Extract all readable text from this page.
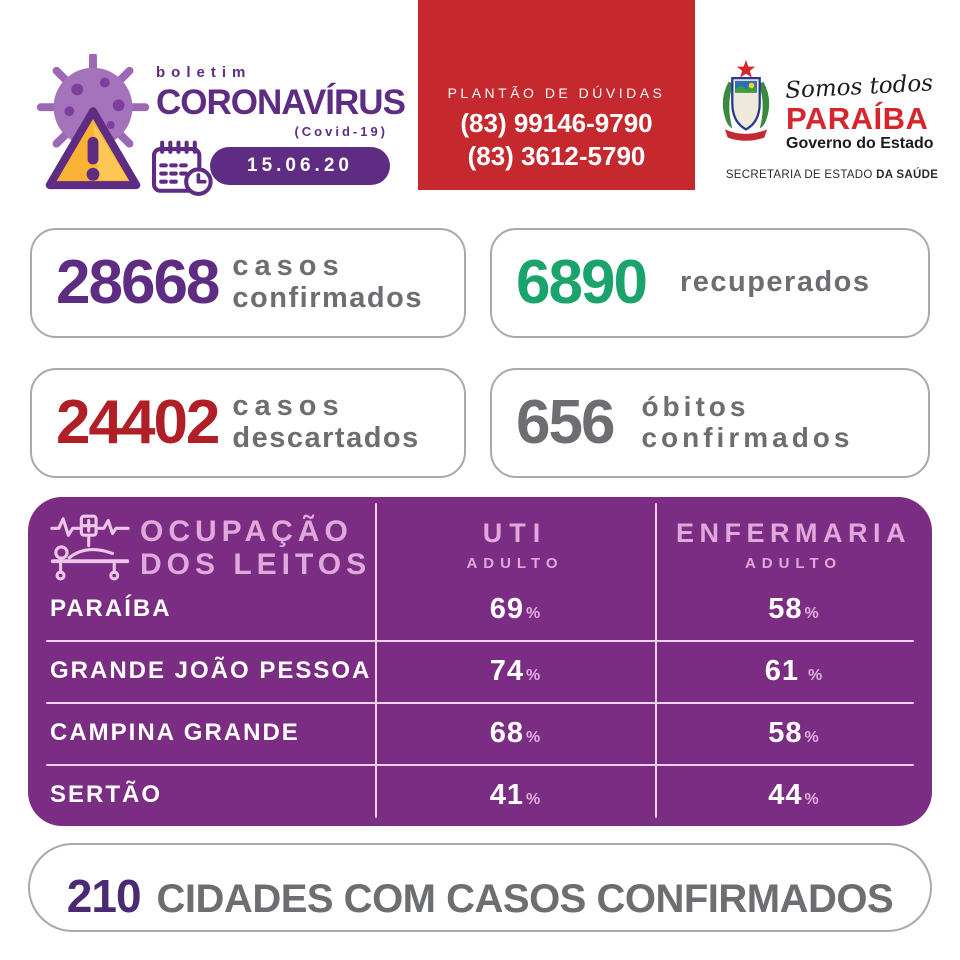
boletim
CORONAVÍRUS
(Covid-19)
15.06.20
PLANTÃO DE DÚVIDAS
(83) 99146-9790
(83) 3612-5790
Somos todos
PARAÍBA
Governo do Estado
SECRETARIA DE ESTADO DA SAÚDE
28668 casos
confirmados 6890 recuperados
24402 casos
descartados 656 óbitos
confirmados
OCUPAÇÃO
DOS LEITOS
UTI
ADULTO
ENFERMARIA
ADULTO
PARAÍBA	69 %	58 %
GRANDE JOÃO PESSOA	74 %	61 %
CAMPINA GRANDE	68 %	58 %
SERTÃO	41 %	44 %
210 CIDADES COM CASOS CONFIRMADOS
